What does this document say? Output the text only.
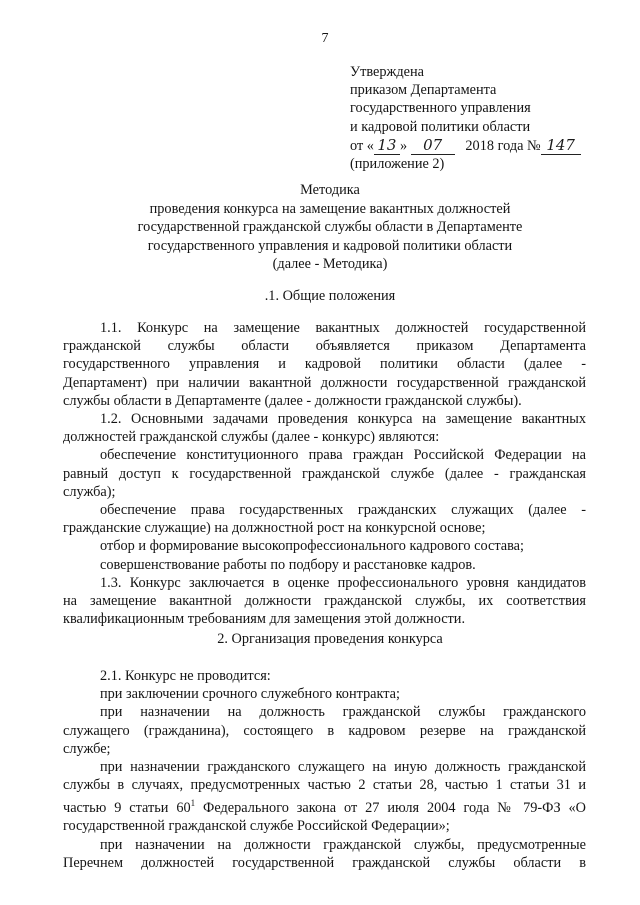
7
Утверждена
приказом Департамента
государственного управления
и кадровой политики области
от « 13 » 07 2018 года № 147
(приложение 2)
Методика
проведения конкурса на замещение вакантных должностей
государственной гражданской службы области в Департаменте
государственного управления и кадровой политики области
(далее - Методика)
.1. Общие положения
1.1. Конкурс на замещение вакантных должностей государственной
гражданской службы области объявляется приказом Департамента
государственного управления и кадровой политики области (далее -
Департамент) при наличии вакантной должности государственной гражданской
службы области в Департаменте (далее - должности гражданской службы).
1.2. Основными задачами проведения конкурса на замещение вакантных
должностей гражданской службы (далее - конкурс) являются:
обеспечение конституционного права граждан Российской Федерации на
равный доступ к государственной гражданской службе (далее - гражданская
служба);
обеспечение права государственных гражданских служащих (далее -
гражданские служащие) на должностной рост на конкурсной основе;
отбор и формирование высокопрофессионального кадрового состава;
совершенствование работы по подбору и расстановке кадров.
1.3. Конкурс заключается в оценке профессионального уровня кандидатов
на замещение вакантной должности гражданской службы, их соответствия
квалификационным требованиям для замещения этой должности.
2. Организация проведения конкурса
2.1. Конкурс не проводится:
при заключении срочного служебного контракта;
при назначении на должность гражданской службы гражданского
служащего (гражданина), состоящего в кадровом резерве на гражданской
службе;
при назначении гражданского служащего на иную должность гражданской
службы в случаях, предусмотренных частью 2 статьи 28, частью 1 статьи 31 и
частью 9 статьи $60^1$ Федерального закона от 27 июля 2004 года № 79-ФЗ «О
государственной гражданской службе Российской Федерации»;
при назначении на должности гражданской службы, предусмотренные
Перечнем должностей государственной гражданской службы области в
